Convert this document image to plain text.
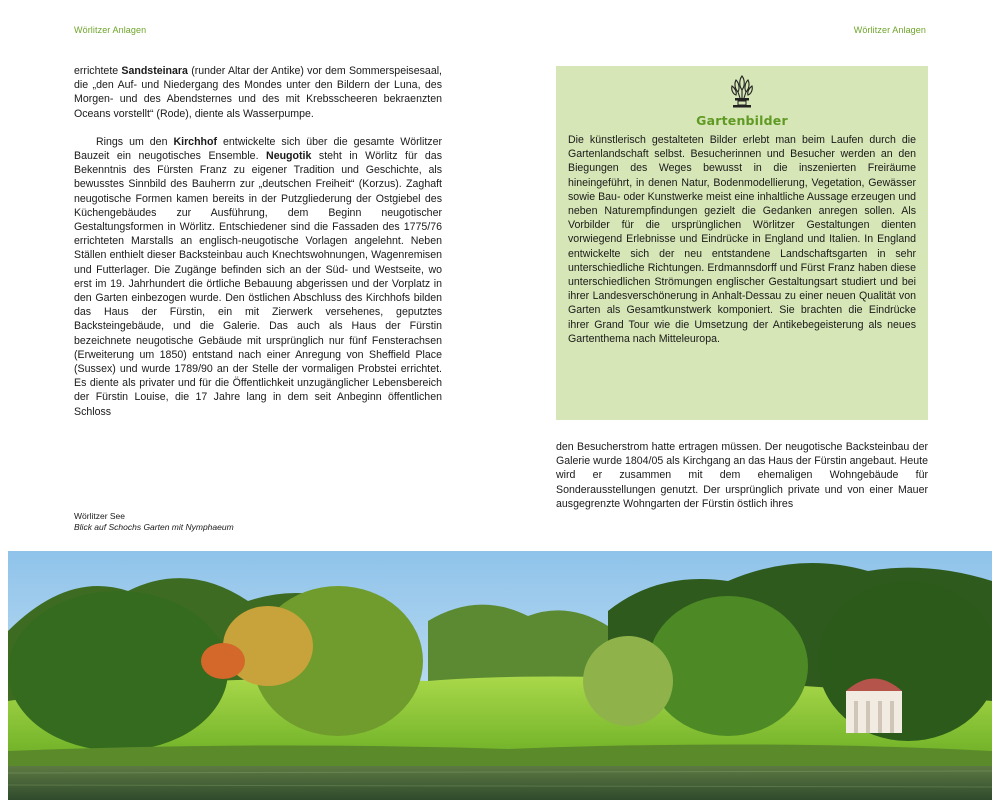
Wörlitzer Anlagen	Wörlitzer Anlagen

errichtete Sandsteinara (runder Altar der Antike) vor dem Sommerspeisesaal, die „den Auf- und Niedergang des Mondes unter den Bildern der Luna, des Morgen- und des Abendsternes und des mit Krebsscheeren bekraenzten Oceans vorstellt“ (Rode), diente als Wasserpumpe.

Rings um den Kirchhof entwickelte sich über die gesamte Wörlitzer Bauzeit ein neugotisches Ensemble. Neugotik steht in Wörlitz für das Bekenntnis des Fürsten Franz zu eigener Tradition und Geschichte, als bewusstes Sinnbild des Bauherrn zur „deutschen Freiheit“ (Korzus). Zaghaft neugotische Formen kamen bereits in der Putzgliederung der Ostgiebel des Küchengebäudes zur Ausführung, dem Beginn neugotischer Gestaltungsformen in Wörlitz. Entschiedener sind die Fassaden des 1775/76 errichteten Marstalls an englisch-neugotische Vorlagen angelehnt. Neben Ställen enthielt dieser Backsteinbau auch Knechtswohnungen, Wagenremisen und Futterlager. Die Zugänge befinden sich an der Süd- und Westseite, wo erst im 19. Jahrhundert die örtliche Bebauung abgerissen und der Vorplatz in den Garten einbezogen wurde. Den östlichen Abschluss des Kirchhofs bilden das Haus der Fürstin, ein mit Zierwerk versehenes, geputztes Backsteingebäude, und die Galerie. Das auch als Haus der Fürstin bezeichnete neugotische Gebäude mit ursprünglich nur fünf Fensterachsen (Erweiterung um 1850) entstand nach einer Anregung von Sheffield Place (Sussex) und wurde 1789/90 an der Stelle der vormaligen Probstei errichtet. Es diente als privater und für die Öffentlichkeit unzugänglicher Lebensbereich der Fürstin Louise, die 17 Jahre lang in dem seit Anbeginn öffentlichen Schloss

Gartenbilder

Die künstlerisch gestalteten Bilder erlebt man beim Laufen durch die Gartenlandschaft selbst. Besucherinnen und Besucher werden an den Biegungen des Weges bewusst in die inszenierten Freiräume hineingeführt, in denen Natur, Bodenmodellierung, Vegetation, Gewässer sowie Bau- oder Kunstwerke meist eine inhaltliche Aussage erzeugen und neben Naturempfindungen gezielt die Gedanken anregen sollen. Als Vorbilder für die ursprünglichen Wörlitzer Gestaltungen dienten vorwiegend Erlebnisse und Eindrücke in England und Italien. In England entwickelte sich der neu entstandene Landschaftsgarten in sehr unterschiedliche Richtungen. Erdmannsdorff und Fürst Franz haben diese unterschiedlichen Strömungen englischer Gestaltungsart studiert und bei ihrer Landesverschönerung in Anhalt-Dessau zu einer neuen Qualität von Garten als Gesamtkunstwerk komponiert. Sie brachten die Eindrücke ihrer Grand Tour wie die Umsetzung der Antikebegeisterung als neues Gartenthema nach Mitteleuropa.

den Besucherstrom hatte ertragen müssen. Der neugotische Backsteinbau der Galerie wurde 1804/05 als Kirchgang an das Haus der Fürstin angebaut. Heute wird er zusammen mit dem ehemaligen Wohngebäude für Sonderausstellungen genutzt. Der ursprünglich private und von einer Mauer ausgegrenzte Wohngarten der Fürstin östlich ihres

Wörlitzer See
Blick auf Schochs Garten mit Nymphaeum
